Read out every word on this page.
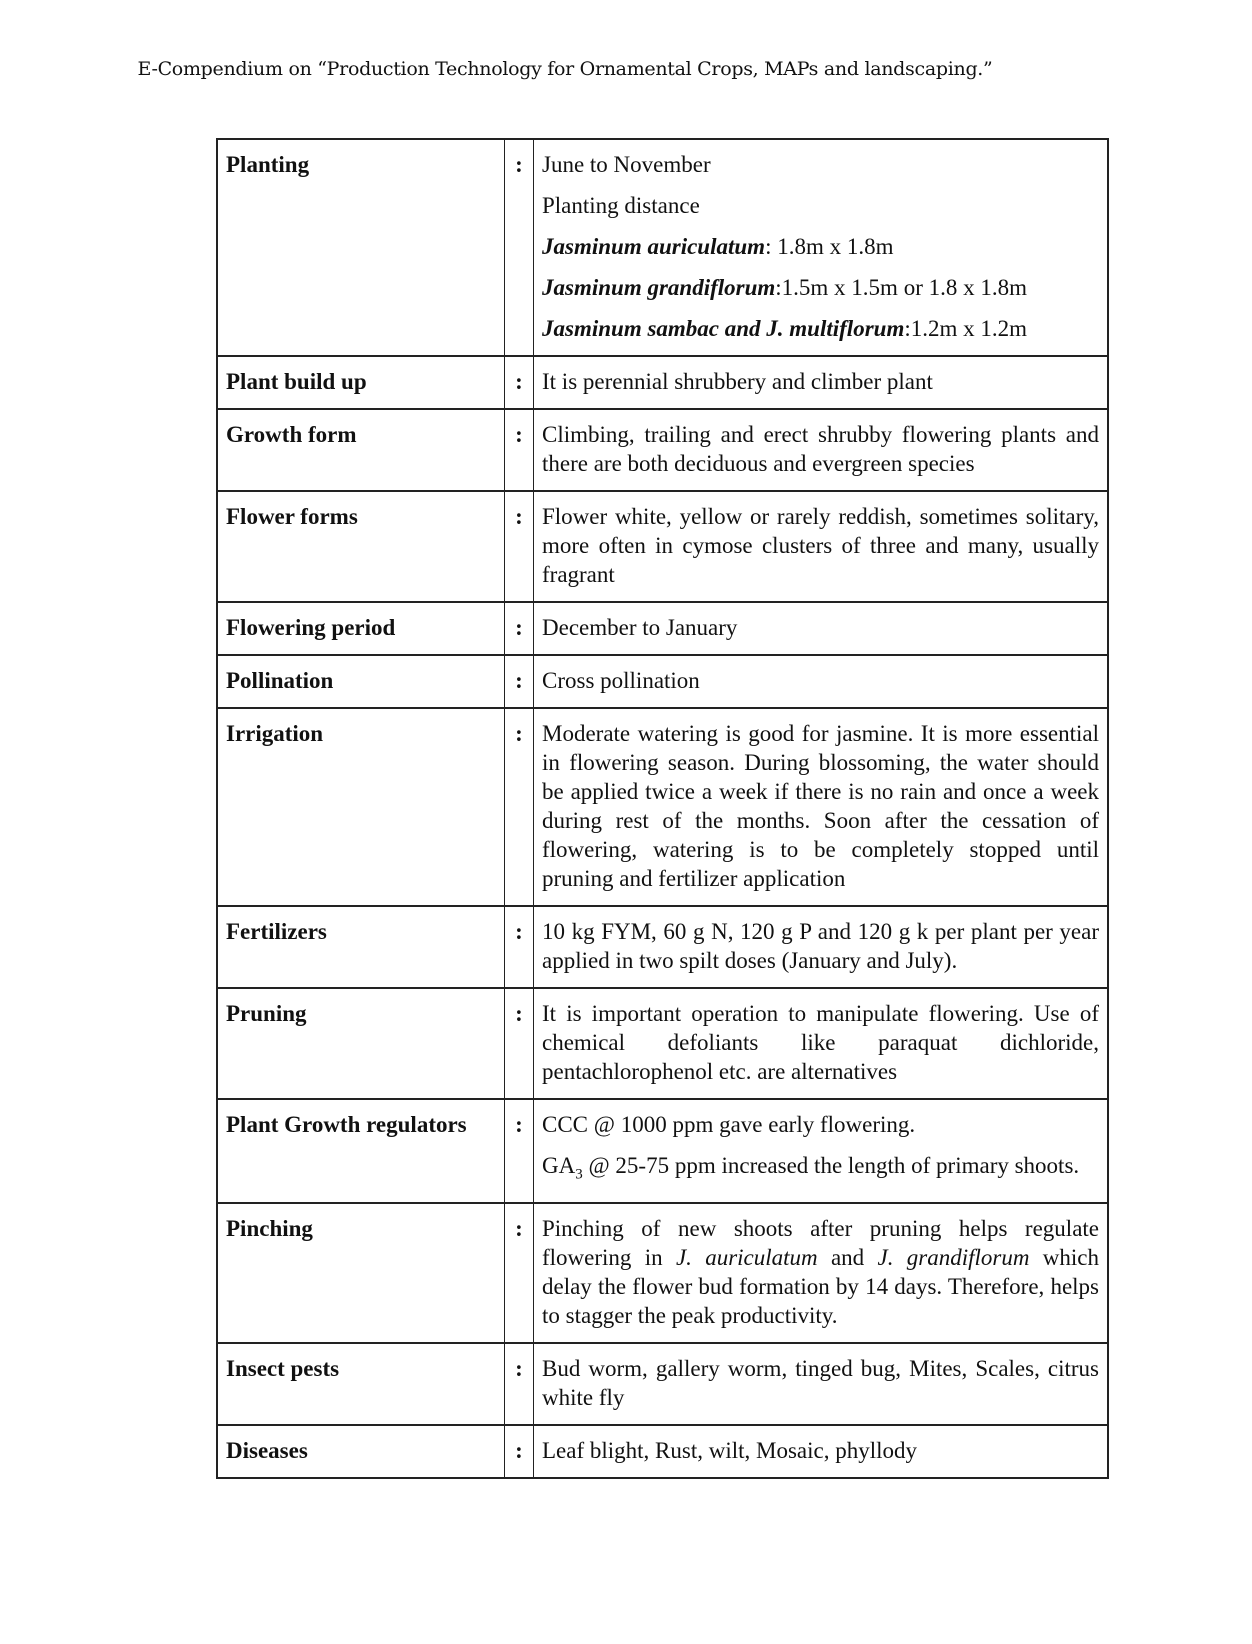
E-Compendium on “Production Technology for Ornamental Crops, MAPs and landscaping.”
Planting	:	June to November
Planting distance
Jasminum auriculatum: 1.8m x 1.8m
Jasminum grandiflorum:1.5m x 1.5m or 1.8 x 1.8m
Jasminum sambac and J. multiflorum:1.2m x 1.2m

Plant build up	:	It is perennial shrubbery and climber plant
Growth form	:	Climbing, trailing and erect shrubby flowering plants and there are both deciduous and evergreen species
Flower forms	:	Flower white, yellow or rarely reddish, sometimes solitary, more often in cymose clusters of three and many, usually fragrant
Flowering period	:	December to January
Pollination	:	Cross pollination
Irrigation	:	Moderate watering is good for jasmine. It is more essential in flowering season. During blossoming, the water should be applied twice a week if there is no rain and once a week during rest of the months. Soon after the cessation of flowering, watering is to be completely stopped until pruning and fertilizer application
Fertilizers	:	10 kg FYM, 60 g N, 120 g P and 120 g k per plant per year applied in two spilt doses (January and July).
Pruning	:	It is important operation to manipulate flowering. Use of chemical defoliants like paraquat dichloride, pentachlorophenol etc. are alternatives
Plant Growth regulators	:	CCC @ 1000 ppm gave early flowering.
$GA_3$ @ 25-75 ppm increased the length of primary shoots.

Pinching	:	Pinching of new shoots after pruning helps regulate flowering in J. auriculatum and J. grandiflorum which delay the flower bud formation by 14 days. Therefore, helps to stagger the peak productivity.
Insect pests	:	Bud worm, gallery worm, tinged bug, Mites, Scales, citrus white fly
Diseases	:	Leaf blight, Rust, wilt, Mosaic, phyllody
